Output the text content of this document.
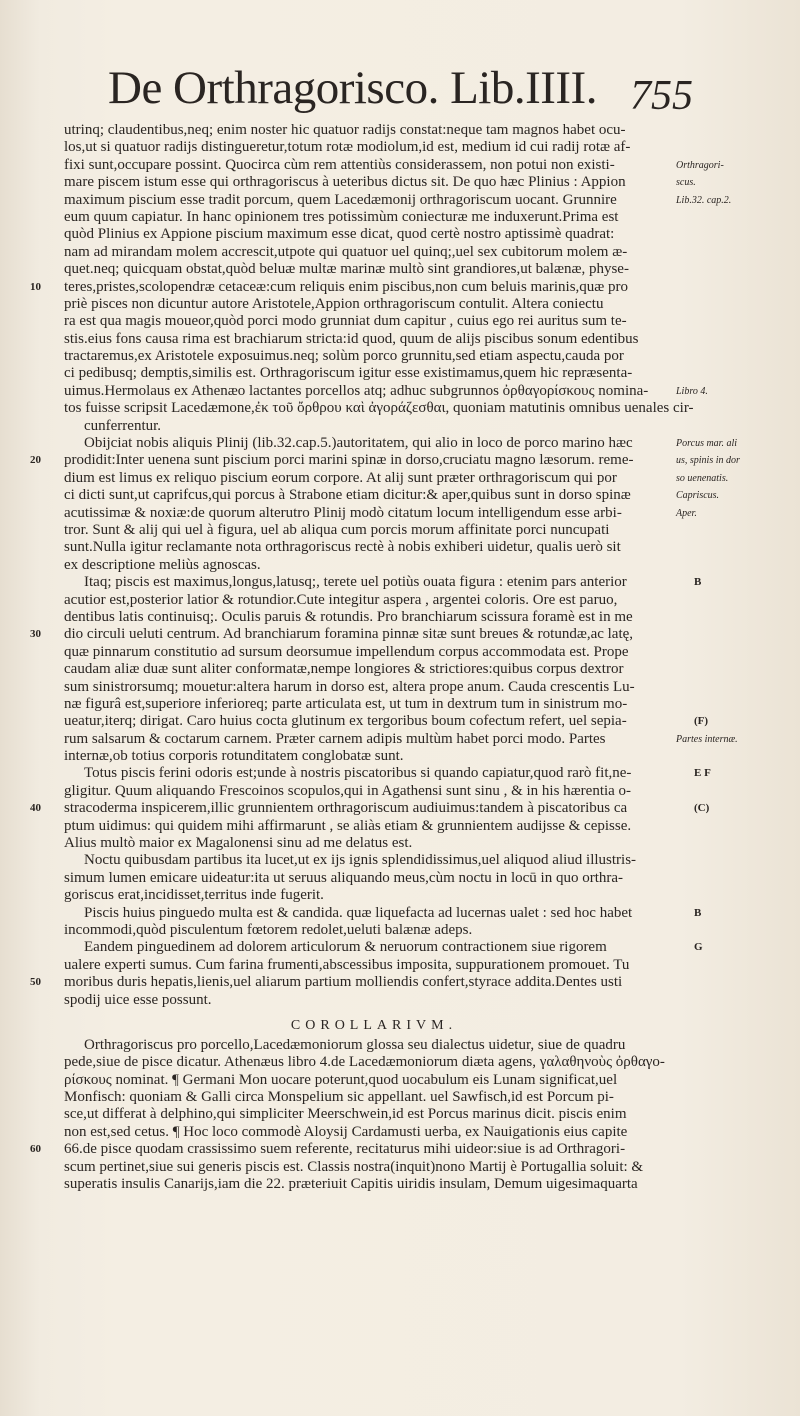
De Orthragorisco. Lib.IIII. 755
utrinq; claudentibus,neq; enim noster hic quatuor radijs constat:neque tam magnos habet ocu-
los,ut si quatuor radijs distingueretur,totum rotæ modiolum,id est, medium id cui radij rotæ af-
fixi sunt,occupare possint. Quocirca cùm rem attentiùs considerassem, non potui non existi-	Orthragori-
mare piscem istum esse qui orthragoriscus à ueteribus dictus sit. De quo hæc Plinius : Appion	scus.
maximum piscium esse tradit porcum, quem Lacedæmonij orthragoriscum uocant. Grunnire	Lib.32. cap.2.
eum quum capiatur. In hanc opinionem tres potissimùm coniecturæ me induxerunt.Prima est
quòd Plinius ex Appione piscium maximum esse dicat, quod certè nostro aptissimè quadrat:
nam ad mirandam molem accrescit,utpote qui quatuor uel quinq;,uel sex cubitorum molem æ-
quet.neq; quicquam obstat,quòd beluæ multæ marinæ multò sint grandiores,ut balænæ, physe-
teres,pristes,scolopendræ cetaceæ:cum reliquis enim piscibus,non cum beluis marinis,quæ pro
10
priè pisces non dicuntur autore Aristotele,Appion orthragoriscum contulit. Altera coniectu
ra est qua magis moueor,quòd porci modo grunniat dum capitur , cuius ego rei auritus sum te-
stis.eius fons causa rima est brachiarum stricta:id quod, quum de alijs piscibus sonum edentibus
tractaremus,ex Aristotele exposuimus.neq; solùm porco grunnitu,sed etiam aspectu,cauda por
ci pedibusq; demptis,similis est. Orthragoriscum igitur esse existimamus,quem hic repræsenta-
uimus.Hermolaus ex Athenæo lactantes porcellos atq; adhuc subgrunnos ὀρθαγορίσκους nomina-	Libro 4.
tos fuisse scripsit Lacedæmone,ἐκ τοῦ ὄρθρου καὶ ἀγοράζεσθαι, quoniam matutinis omnibus uenales cir-
cunferrentur.
Obijciat nobis aliquis Plinij (lib.32.cap.5.)autoritatem, qui alio in loco de porco marino hæc	Porcus mar. ali
prodidit:Inter uenena sunt piscium porci marini spinæ in dorso,cruciatu magno læsorum. reme-
20	us, spinis in dor
dium est limus ex reliquo piscium eorum corpore. At alij sunt præter orthragoriscum qui por	so uenenatis.
ci dicti sunt,ut caprifcus,qui porcus à Strabone etiam dicitur:& aper,quibus sunt in dorso spinæ	Capriscus.
acutissimæ & noxiæ:de quorum alterutro Plinij modò citatum locum intelligendum esse arbi-	Aper.
tror. Sunt & alij qui uel à figura, uel ab aliqua cum porcis morum affinitate porci nuncupati
sunt.Nulla igitur reclamante nota orthragoriscus rectè à nobis exhiberi uidetur, qualis uerò sit
ex descriptione meliùs agnoscas.
Itaq; piscis est maximus,longus,latusq;, terete uel potiùs ouata figura : etenim pars anterior	B
acutior est,posterior latior & rotundior.Cute integitur aspera , argentei coloris. Ore est paruo,
dentibus latis continuisq;. Oculis paruis & rotundis. Pro branchiarum scissura foramè est in me
dio circuli ueluti centrum. Ad branchiarum foramina pinnæ sitæ sunt breues & rotundæ,ac latę,
30
quæ pinnarum constitutio ad sursum deorsumue impellendum corpus accommodata est. Prope
caudam aliæ duæ sunt aliter conformatæ,nempe longiores & strictiores:quibus corpus dextror
sum sinistrorsumq; mouetur:altera harum in dorso est, altera prope anum. Cauda crescentis Lu-
næ figurâ est,superiore inferioreq; parte articulata est, ut tum in dextrum tum in sinistrum mo-
ueatur,iterq; dirigat. Caro huius cocta glutinum ex tergoribus boum cofectum refert, uel sepia-	(F)
rum salsarum & coctarum carnem. Præter carnem adipis multùm habet porci modo. Partes	Partes internæ.
internæ,ob totius corporis rotunditatem conglobatæ sunt.
Totus piscis ferini odoris est;unde à nostris piscatoribus si quando capiatur,quod rarò fit,ne-	E F
gligitur. Quum aliquando Frescoinos scopulos,qui in Agathensi sunt sinu , & in his hærentia o-
stracoderma inspicerem,illic grunnientem orthragoriscum audiuimus:tandem à piscatoribus ca
40	(C)
ptum uidimus: qui quidem mihi affirmarunt , se aliàs etiam & grunnientem audijsse & cepisse.
Alius multò maior ex Magalonensi sinu ad me delatus est.
Noctu quibusdam partibus ita lucet,ut ex ijs ignis splendidissimus,uel aliquod aliud illustris-
simum lumen emicare uideatur:ita ut seruus aliquando meus,cùm noctu in locū in quo orthra-
goriscus erat,incidisset,territus inde fugerit.
Piscis huius pinguedo multa est & candida. quæ liquefacta ad lucernas ualet : sed hoc habet	B
incommodi,quòd pisculentum fœtorem redolet,ueluti balænæ adeps.
Eandem pinguedinem ad dolorem articulorum & neruorum contractionem siue rigorem	G
ualere experti sumus. Cum farina frumenti,abscessibus imposita, suppurationem promouet. Tu
moribus duris hepatis,lienis,uel aliarum partium molliendis confert,styrace addita.Dentes usti
50
spodij uice esse possunt.
COROLLARIVM.
Orthragoriscus pro porcello,Lacedæmoniorum glossa seu dialectus uidetur, siue de quadru
pede,siue de pisce dicatur. Athenæus libro 4.de Lacedæmoniorum diæta agens, γαλαθηνοὺς ὀρθαγο-
ρίσκους nominat. ¶ Germani Mon uocare poterunt,quod uocabulum eis Lunam significat,uel
Monfisch: quoniam & Galli circa Monspelium sic appellant. uel Sawfisch,id est Porcum pi-
sce,ut differat à delphino,qui simpliciter Meerschwein,id est Porcus marinus dicit. piscis enim
non est,sed cetus. ¶ Hoc loco commodè Aloysij Cardamusti uerba, ex Nauigationis eius capite
66.de pisce quodam crassissimo suem referente, recitaturus mihi uideor:siue is ad Orthragori-
60
scum pertinet,siue sui generis piscis est. Classis nostra(inquit)nono Martij è Portugallia soluit: &
superatis insulis Canarijs,iam die 22. præteriuit Capitis uiridis insulam, Demum uigesimaquarta
